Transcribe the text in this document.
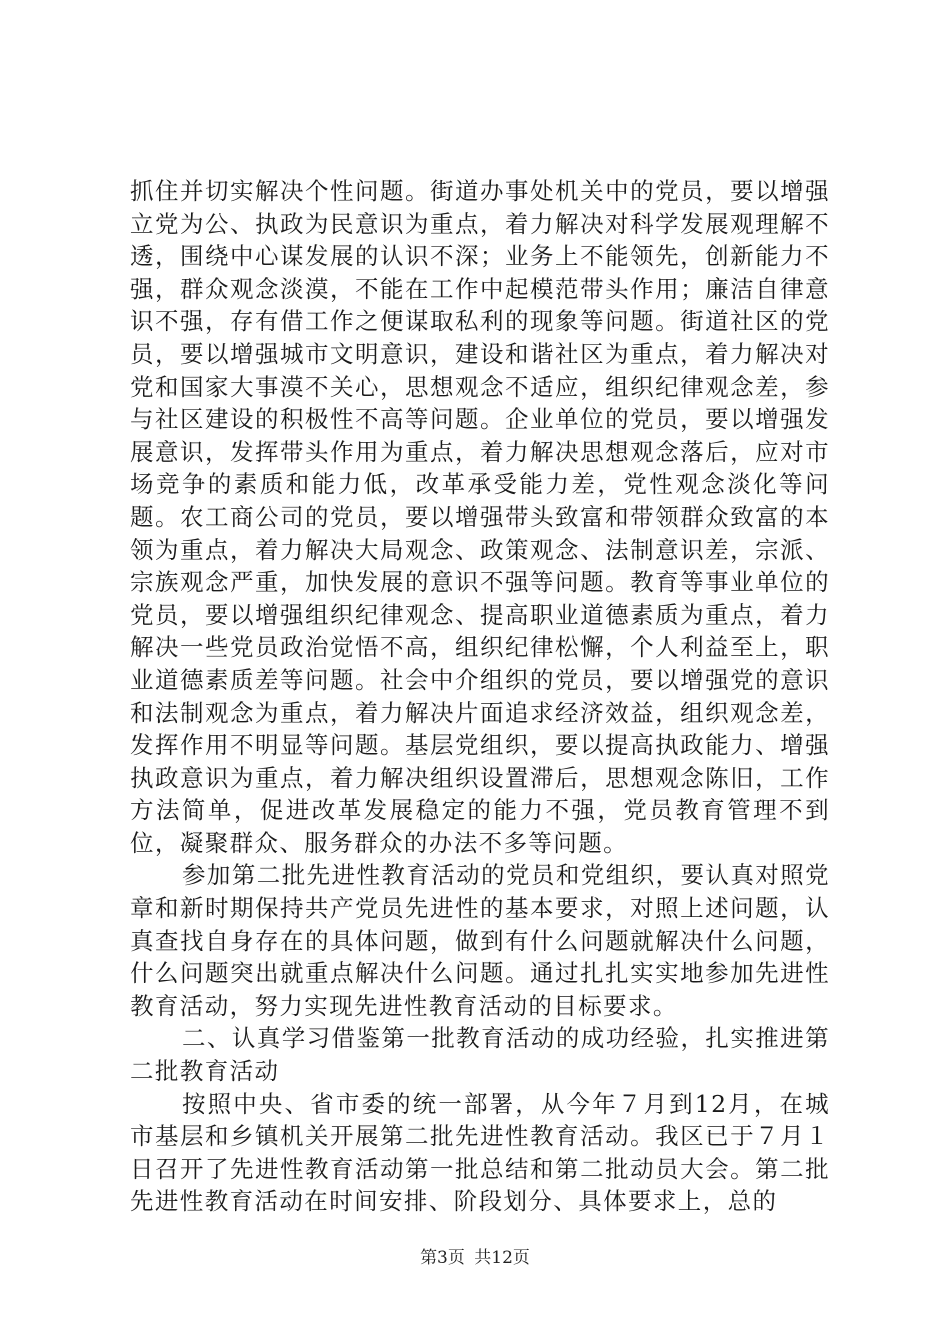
抓住并切实解决个性问题。街道办事处机关中的党员，要以增强立党为公、执政为民意识为重点，着力解决对科学发展观理解不透，围绕中心谋发展的认识不深；业务上不能领先，创新能力不强，群众观念淡漠，不能在工作中起模范带头作用；廉洁自律意识不强，存有借工作之便谋取私利的现象等问题。街道社区的党员，要以增强城市文明意识，建设和谐社区为重点，着力解决对党和国家大事漠不关心，思想观念不适应，组织纪律观念差，参与社区建设的积极性不高等问题。企业单位的党员，要以增强发展意识，发挥带头作用为重点，着力解决思想观念落后，应对市场竞争的素质和能力低，改革承受能力差，党性观念淡化等问题。农工商公司的党员，要以增强带头致富和带领群众致富的本领为重点，着力解决大局观念、政策观念、法制意识差，宗派、宗族观念严重，加快发展的意识不强等问题。教育等事业单位的党员，要以增强组织纪律观念、提高职业道德素质为重点，着力解决一些党员政治觉悟不高，组织纪律松懈，个人利益至上，职业道德素质差等问题。社会中介组织的党员，要以增强党的意识和法制观念为重点，着力解决片面追求经济效益，组织观念差，发挥作用不明显等问题。基层党组织，要以提高执政能力、增强执政意识为重点，着力解决组织设置滞后，思想观念陈旧，工作方法简单，促进改革发展稳定的能力不强，党员教育管理不到位，凝聚群众、服务群众的办法不多等问题。

参加第二批先进性教育活动的党员和党组织，要认真对照党章和新时期保持共产党员先进性的基本要求，对照上述问题，认真查找自身存在的具体问题，做到有什么问题就解决什么问题，什么问题突出就重点解决什么问题。通过扎扎实实地参加先进性教育活动，努力实现先进性教育活动的目标要求。

二、认真学习借鉴第一批教育活动的成功经验，扎实推进第二批教育活动

按照中央、省市委的统一部署，从今年７月到12月，在城市基层和乡镇机关开展第二批先进性教育活动。我区已于７月１日召开了先进性教育活动第一批总结和第二批动员大会。第二批先进性教育活动在时间安排、阶段划分、具体要求上，总的

第3页 共12页
